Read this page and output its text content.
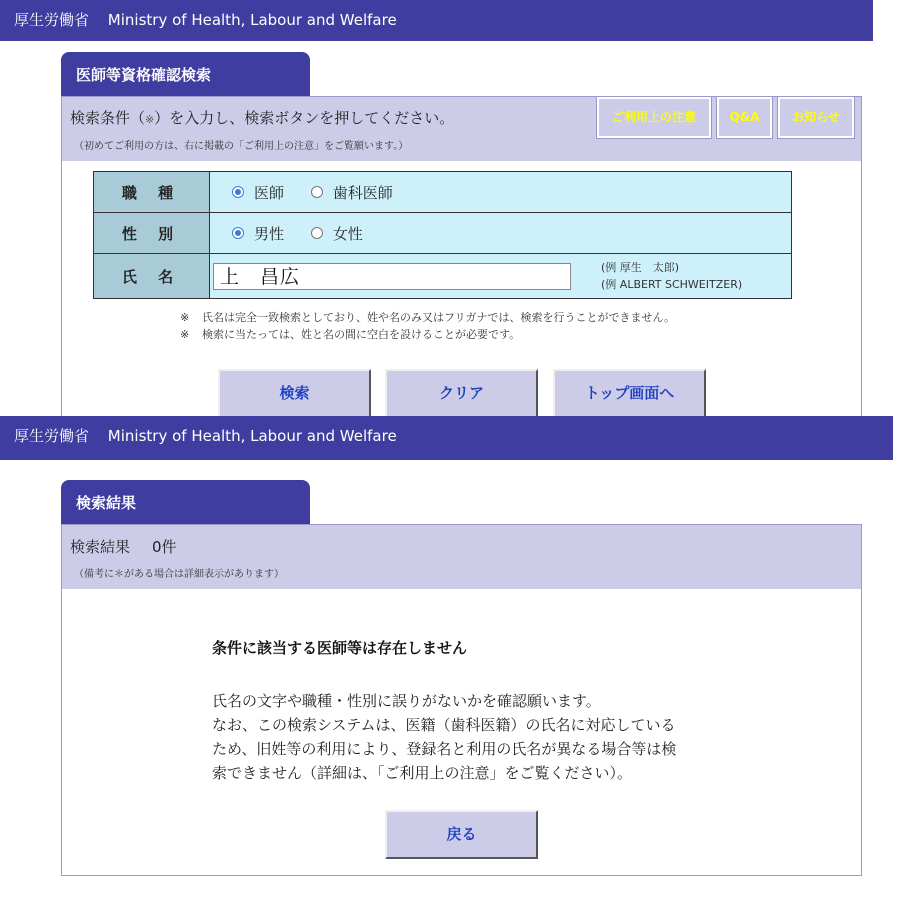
厚生労働省 Ministry of Health, Labour and Welfare
医師等資格確認検索
検索条件（※）を入力し、検索ボタンを押してください。
（初めてご利用の方は、右に掲載の「ご利用上の注意」をご覧願います。）
ご利用上の注意	Q&A	お知らせ
職 種	医師
歯科医師

性 別	男性
女性

氏 名	上　昌広 (例 厚生　太郎)
(例 ALBERT SCHWEITZER)
※ 氏名は完全一致検索としており、姓や名のみ又はフリガナでは、検索を行うことができません。
※ 検索に当たっては、姓と名の間に空白を設けることが必要です。
検索	クリア	トップ画面へ
厚生労働省 Ministry of Health, Labour and Welfare
検索結果
検索結果 0件
（備考に＊がある場合は詳細表示があります）
条件に該当する医師等は存在しません

氏名の文字や職種・性別に誤りがないかを確認願います。

なお、この検索システムは、医籍（歯科医籍）の氏名に対応している

ため、旧姓等の利用により、登録名と利用の氏名が異なる場合等は検

索できません（詳細は、「ご利用上の注意」をご覧ください）。

戻る
